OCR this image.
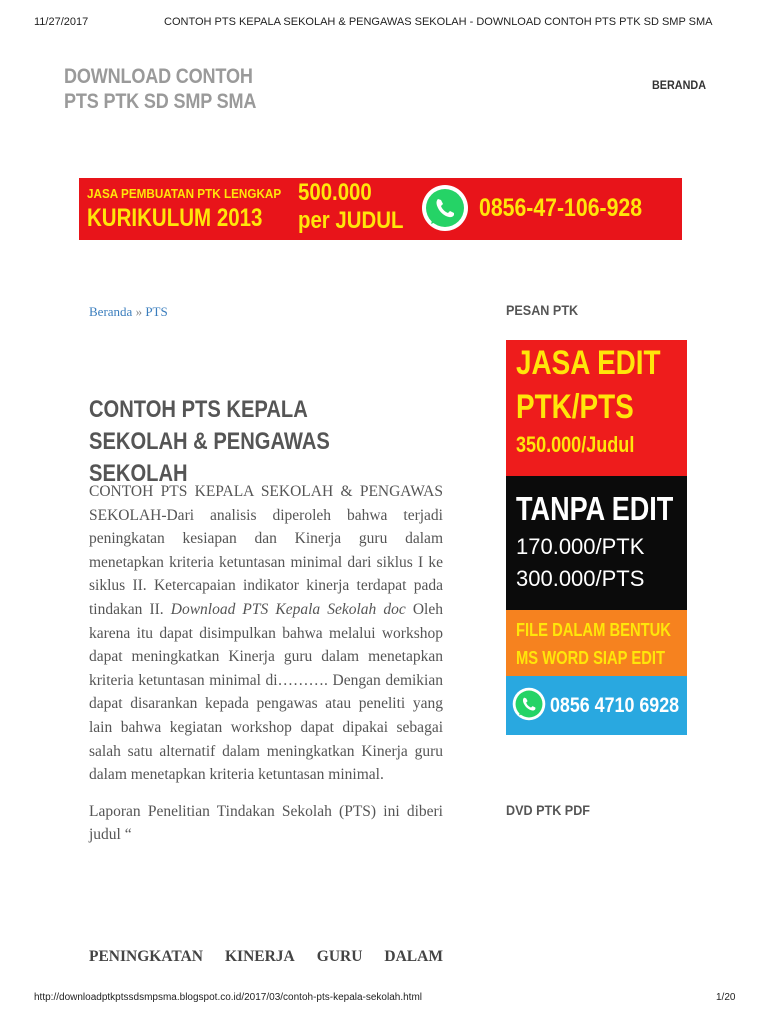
11/27/2017	CONTOH PTS KEPALA SEKOLAH & PENGAWAS SEKOLAH - DOWNLOAD CONTOH PTS PTK SD SMP SMA
DOWNLOAD CONTOH
PTS PTK SD SMP SMA
BERANDA
JASA PEMBUATAN PTK LENGKAP
KURIKULUM 2013
500.000
per JUDUL	0856-47-106-928
Beranda » PTS
CONTOH PTS KEPALA SEKOLAH & PENGAWAS SEKOLAH

CONTOH PTS KEPALA SEKOLAH & PENGAWAS SEKOLAH-Dari analisis diperoleh bahwa terjadi peningkatan kesiapan dan Kinerja guru dalam menetapkan kriteria ketuntasan minimal dari siklus I ke siklus II. Ketercapaian indikator kinerja terdapat pada tindakan II. Download PTS Kepala Sekolah doc Oleh karena itu dapat disimpulkan bahwa melalui workshop dapat meningkatkan Kinerja guru dalam menetapkan kriteria ketuntasan minimal di………. Dengan demikian dapat disarankan kepada pengawas atau peneliti yang lain bahwa kegiatan workshop dapat dipakai sebagai salah satu alternatif dalam meningkatkan Kinerja guru dalam menetapkan kriteria ketuntasan minimal.

Laporan Penelitian Tindakan Sekolah (PTS) ini diberi judul “

PENINGKATAN KINERJA GURU DALAM
PESAN PTK
JASA EDIT
PTK/PTS
350.000/Judul
TANPA EDIT
170.000/PTK
300.000/PTS
FILE DALAM BENTUK
MS WORD SIAP EDIT
0856 4710 6928
DVD PTK PDF
http://downloadptkptssdsmpsma.blogspot.co.id/2017/03/contoh-pts-kepala-sekolah.html	1/20
